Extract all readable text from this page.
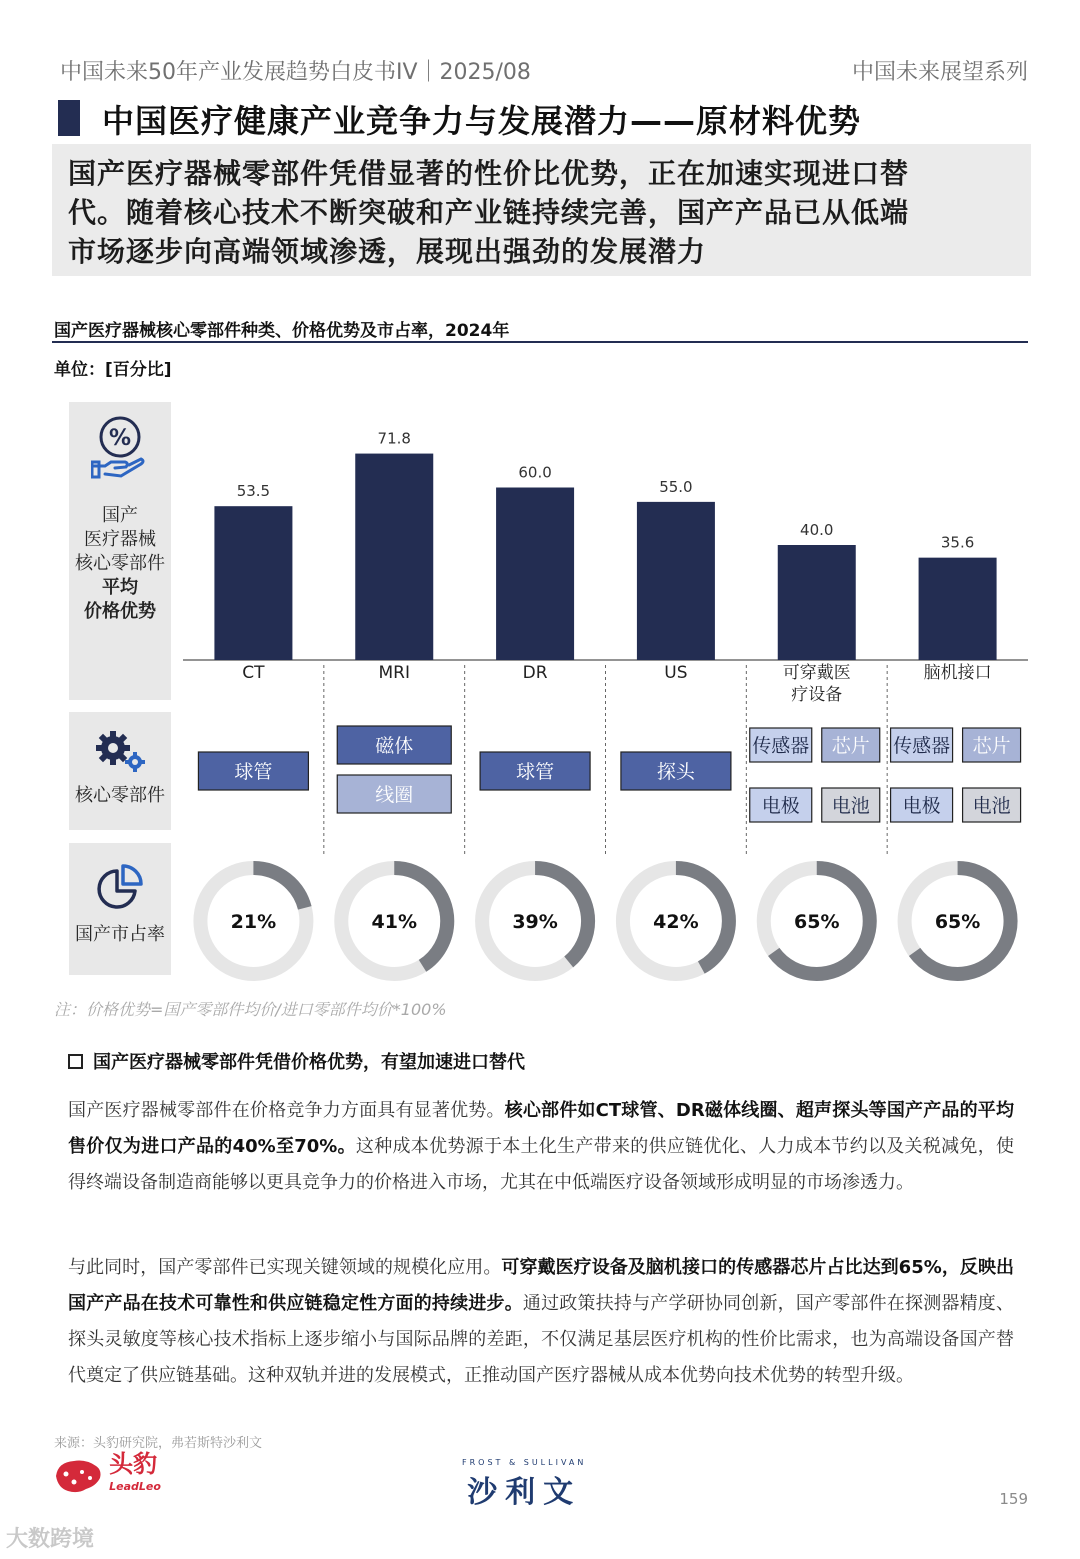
中国未来50年产业发展趋势白皮书IV｜2025/08	中国未来展望系列
中国医疗健康产业竞争力与发展潜力——原材料优势
国产医疗器械零部件凭借显著的性价比优势，正在加速实现进口替
代。随着核心技术不断突破和产业链持续完善，国产产品已从低端
市场逐步向高端领域渗透，展现出强劲的发展潜力
国产医疗器械核心零部件种类、价格优势及市占率，2024年
单位：[百分比]
%
国产
医疗器械
核心零部件
平均
价格优势
核心零部件
国产市占率
53.5
CT
球管
21%
71.8
MRI
磁体
线圈
41%
60.0
DR
球管
39%
55.0
US
探头
42%
40.0
可穿戴医
疗设备
传感器 芯片
电极 电池
65%
35.6
脑机接口
传感器 芯片
电极 电池
65%
注：价格优势=国产零部件均价/进口零部件均价*100%
国产医疗器械零部件凭借价格优势，有望加速进口替代
国产医疗器械零部件在价格竞争力方面具有显著优势。核心部件如CT球管、DR磁体线圈、超声探头等国产产品的平均售价仅为进口产品的40%至70%。这种成本优势源于本土化生产带来的供应链优化、人力成本节约以及关税减免，使得终端设备制造商能够以更具竞争力的价格进入市场，尤其在中低端医疗设备领域形成明显的市场渗透力。
与此同时，国产零部件已实现关键领域的规模化应用。可穿戴医疗设备及脑机接口的传感器芯片占比达到65%，反映出国产产品在技术可靠性和供应链稳定性方面的持续进步。通过政策扶持与产学研协同创新，国产零部件在探测器精度、探头灵敏度等核心技术指标上逐步缩小与国际品牌的差距，不仅满足基层医疗机构的性价比需求，也为高端设备国产替代奠定了供应链基础。这种双轨并进的发展模式，正推动国产医疗器械从成本优势向技术优势的转型升级。
来源：头豹研究院，弗若斯特沙利文
头豹
LeadLeo
FROST & SULLIVAN
沙利文	159
大数跨境
